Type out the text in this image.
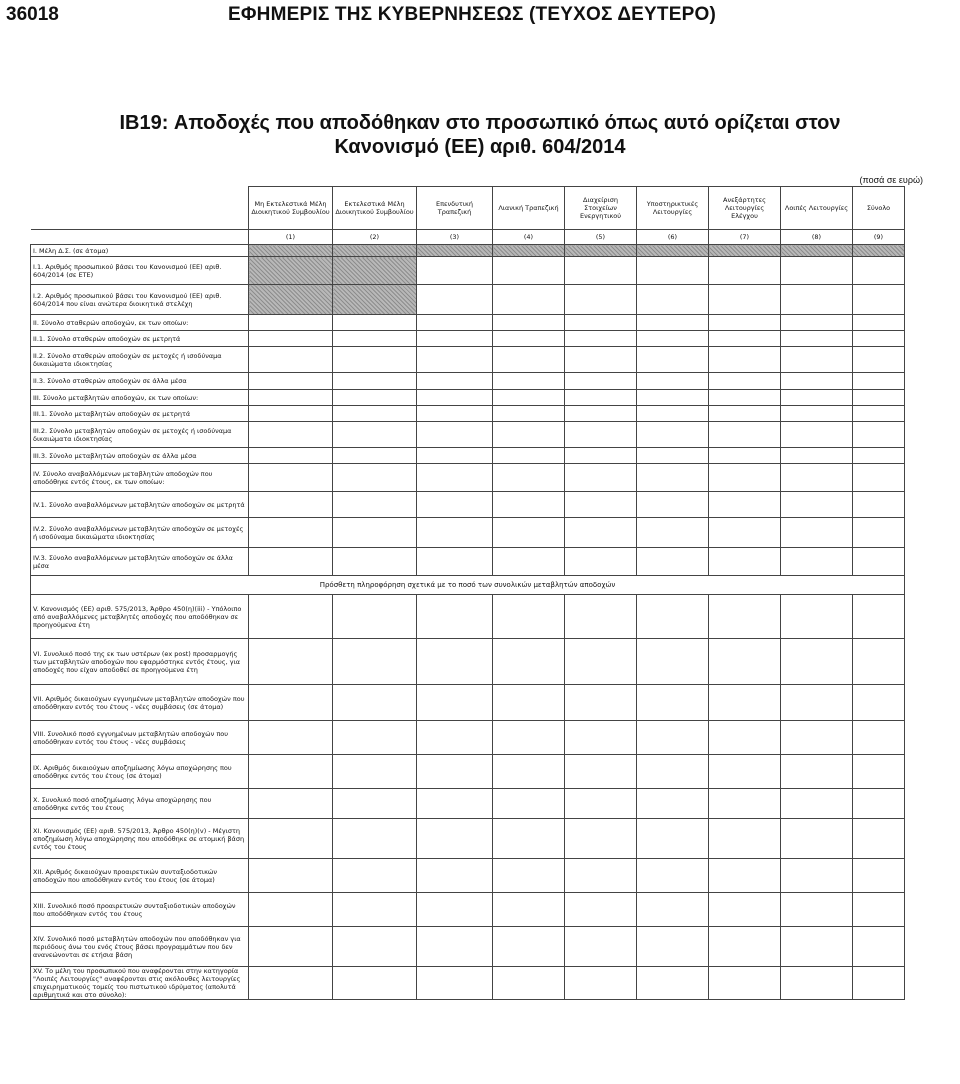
36018	ΕΦΗΜΕΡΙΣ ΤΗΣ ΚΥΒΕΡΝΗΣΕΩΣ (ΤΕΥΧΟΣ ΔΕΥΤΕΡΟ)
IB19: Αποδοχές που αποδόθηκαν στο προσωπικό όπως αυτό ορίζεται στον
Κανονισμό (ΕΕ) αριθ. 604/2014
(ποσά σε ευρώ)
	Μη Εκτελεστικά Μέλη Διοικητικού Συμβουλίου	Εκτελεστικά Μέλη Διοικητικού Συμβουλίου	Επενδυτική Τραπεζική	Λιανική Τραπεζική	Διαχείριση Στοιχείων Ενεργητικού	Υποστηρικτικές Λειτουργίες	Ανεξάρτητες Λειτουργίες Ελέγχου	Λοιπές Λειτουργίες	Σύνολο
	(1)	(2)	(3)	(4)	(5)	(6)	(7)	(8)	(9)
I. Μέλη Δ.Σ. (σε άτομα)									
I.1. Αριθμός προσωπικού βάσει του Κανονισμού (ΕΕ) αριθ. 604/2014 (σε ΕΤΕ)									
I.2. Αριθμός προσωπικού βάσει του Κανονισμού (ΕΕ) αριθ. 604/2014 που είναι ανώτερα διοικητικά στελέχη									
II. Σύνολο σταθερών αποδοχών, εκ των οποίων:									
II.1. Σύνολο σταθερών αποδοχών σε μετρητά									
II.2. Σύνολο σταθερών αποδοχών σε μετοχές ή ισοδύναμα δικαιώματα ιδιοκτησίας									
II.3. Σύνολο σταθερών αποδοχών σε άλλα μέσα									
III. Σύνολο μεταβλητών αποδοχών, εκ των οποίων:									
III.1. Σύνολο μεταβλητών αποδοχών σε μετρητά									
III.2. Σύνολο μεταβλητών αποδοχών σε μετοχές ή ισοδύναμα δικαιώματα ιδιοκτησίας									
III.3. Σύνολο μεταβλητών αποδοχών σε άλλα μέσα									
IV. Σύνολο αναβαλλόμενων μεταβλητών αποδοχών που αποδόθηκε εντός έτους, εκ των οποίων:									
IV.1. Σύνολο αναβαλλόμενων μεταβλητών αποδοχών σε μετρητά									
IV.2. Σύνολο αναβαλλόμενων μεταβλητών αποδοχών σε μετοχές ή ισοδύναμα δικαιώματα ιδιοκτησίας									
IV.3. Σύνολο αναβαλλόμενων μεταβλητών αποδοχών σε άλλα μέσα									
Πρόσθετη πληροφόρηση σχετικά με το ποσό των συνολικών μεταβλητών αποδοχών									
V. Κανονισμός (ΕΕ) αριθ. 575/2013, Άρθρο 450(η)(iii) - Υπόλοιπο από αναβαλλόμενες μεταβλητές αποδοχές που αποδόθηκαν σε προηγούμενα έτη									
VI. Συνολικό ποσό της εκ των υστέρων (ex post) προσαρμογής των μεταβλητών αποδοχών που εφαρμόστηκε εντός έτους, για αποδοχές που είχαν αποδοθεί σε προηγούμενα έτη									
VII. Αριθμός δικαιούχων εγγυημένων μεταβλητών αποδοχών που αποδόθηκαν εντός του έτους - νέες συμβάσεις (σε άτομα)									
VIII. Συνολικό ποσό εγγυημένων μεταβλητών αποδοχών που αποδόθηκαν εντός του έτους - νέες συμβάσεις									
IX. Αριθμός δικαιούχων αποζημίωσης λόγω αποχώρησης που αποδόθηκε εντός του έτους (σε άτομα)									
X. Συνολικό ποσό αποζημίωσης λόγω αποχώρησης που αποδόθηκε εντός του έτους									
XI. Κανονισμός (ΕΕ) αριθ. 575/2013, Άρθρο 450(η)(v) - Μέγιστη αποζημίωση λόγω αποχώρησης που αποδόθηκε σε ατομική βάση εντός του έτους									
XII. Αριθμός δικαιούχων προαιρετικών συνταξιοδοτικών αποδοχών που αποδόθηκαν εντός του έτους (σε άτομα)									
XIII. Συνολικό ποσό προαιρετικών συνταξιοδοτικών αποδοχών που αποδόθηκαν εντός του έτους									
XIV. Συνολικό ποσό μεταβλητών αποδοχών που αποδόθηκαν για περιόδους άνω του ενός έτους βάσει προγραμμάτων που δεν ανανεώνονται σε ετήσια βάση									
XV. Το μέλη του προσωπικού που αναφέρονται στην κατηγορία "Λοιπές Λειτουργίες" αναφέρονται στις ακόλουθες λειτουργίες επιχειρηματικούς τομείς του πιστωτικού ιδρύματος (απολυτά αριθμητικά και στο σύνολο):									
